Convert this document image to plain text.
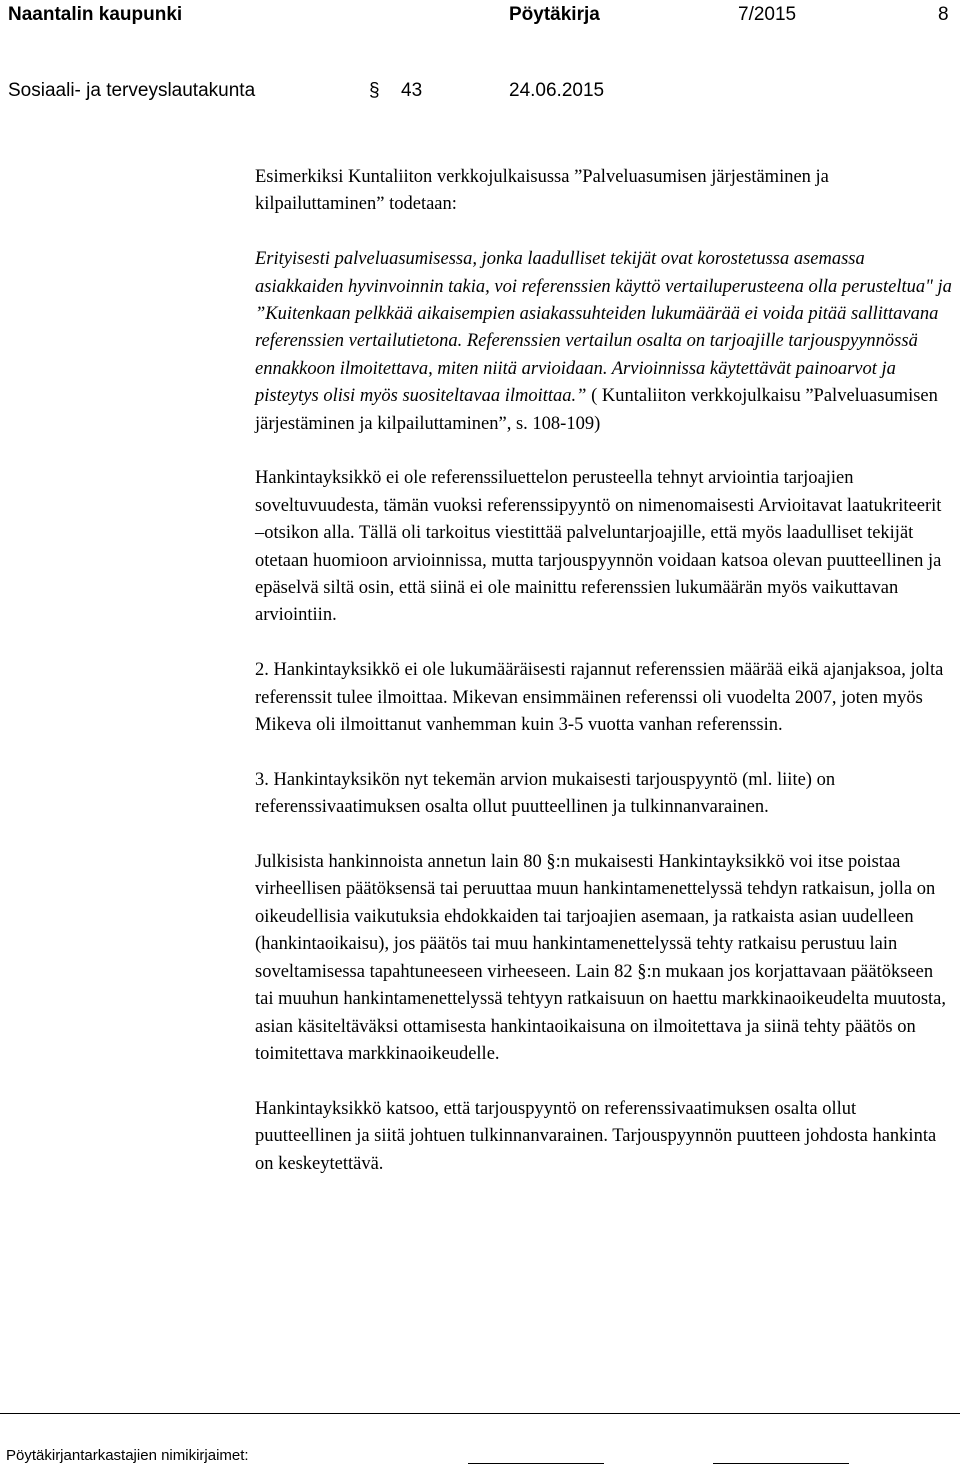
Naantalin kaupunki	Pöytäkirja	7/2015	8
Sosiaali- ja terveyslautakunta	§ 43	24.06.2015

Esimerkiksi Kuntaliiton verkkojulkaisussa ”Palveluasumisen järjestäminen ja kilpailuttaminen” todetaan:

Erityisesti palveluasumisessa, jonka laadulliset tekijät ovat korostetussa asemassa asiakkaiden hyvinvoinnin takia, voi referenssien käyttö vertailuperusteena olla perusteltua" ja ”Kuitenkaan pelkkää aikaisempien asiakassuhteiden lukumäärää ei voida pitää sallittavana referenssien vertailutietona. Referenssien vertailun osalta on tarjoajille tarjouspyynnössä ennakkoon ilmoitettava, miten niitä arvioidaan. Arvioinnissa käytettävät painoarvot ja pisteytys olisi myös suositeltavaa ilmoittaa.” ( Kuntaliiton verkkojulkaisu ”Palveluasumisen järjestäminen ja kilpailuttaminen”, s. 108-109)

Hankintayksikkö ei ole referenssiluettelon perusteella tehnyt arviointia tarjoajien soveltuvuudesta, tämän vuoksi referenssipyyntö on nimenomaisesti Arvioitavat laatukriteerit –otsikon alla. Tällä oli tarkoitus viestittää palveluntarjoajille, että myös laadulliset tekijät otetaan huomioon arvioinnissa, mutta tarjouspyynnön voidaan katsoa olevan puutteellinen ja epäselvä siltä osin, että siinä ei ole mainittu referenssien lukumäärän myös vaikuttavan arviointiin.

2. Hankintayksikkö ei ole lukumääräisesti rajannut referenssien määrää eikä ajanjaksoa, jolta referenssit tulee ilmoittaa. Mikevan ensimmäinen referenssi oli vuodelta 2007, joten myös Mikeva oli ilmoittanut vanhemman kuin 3-5 vuotta vanhan referenssin.

3. Hankintayksikön nyt tekemän arvion mukaisesti tarjouspyyntö (ml. liite) on referenssivaatimuksen osalta ollut puutteellinen ja tulkinnanvarainen.

Julkisista hankinnoista annetun lain 80 §:n mukaisesti Hankintayksikkö voi itse poistaa virheellisen päätöksensä tai peruuttaa muun hankintamenettelyssä tehdyn ratkaisun, jolla on oikeudellisia vaikutuksia ehdokkaiden tai tarjoajien asemaan, ja ratkaista asian uudelleen (hankintaoikaisu), jos päätös tai muu hankintamenettelyssä tehty ratkaisu perustuu lain soveltamisessa tapahtuneeseen virheeseen. Lain 82 §:n mukaan jos korjattavaan päätökseen tai muuhun hankintamenettelyssä tehtyyn ratkaisuun on haettu markkinaoikeudelta muutosta, asian käsiteltäväksi ottamisesta hankintaoikaisuna on ilmoitettava ja siinä tehty päätös on toimitettava markkinaoikeudelle.

Hankintayksikkö katsoo, että tarjouspyyntö on referenssivaatimuksen osalta ollut puutteellinen ja siitä johtuen tulkinnanvarainen. Tarjouspyynnön puutteen johdosta hankinta on keskeytettävä.

Pöytäkirjantarkastajien nimikirjaimet:
